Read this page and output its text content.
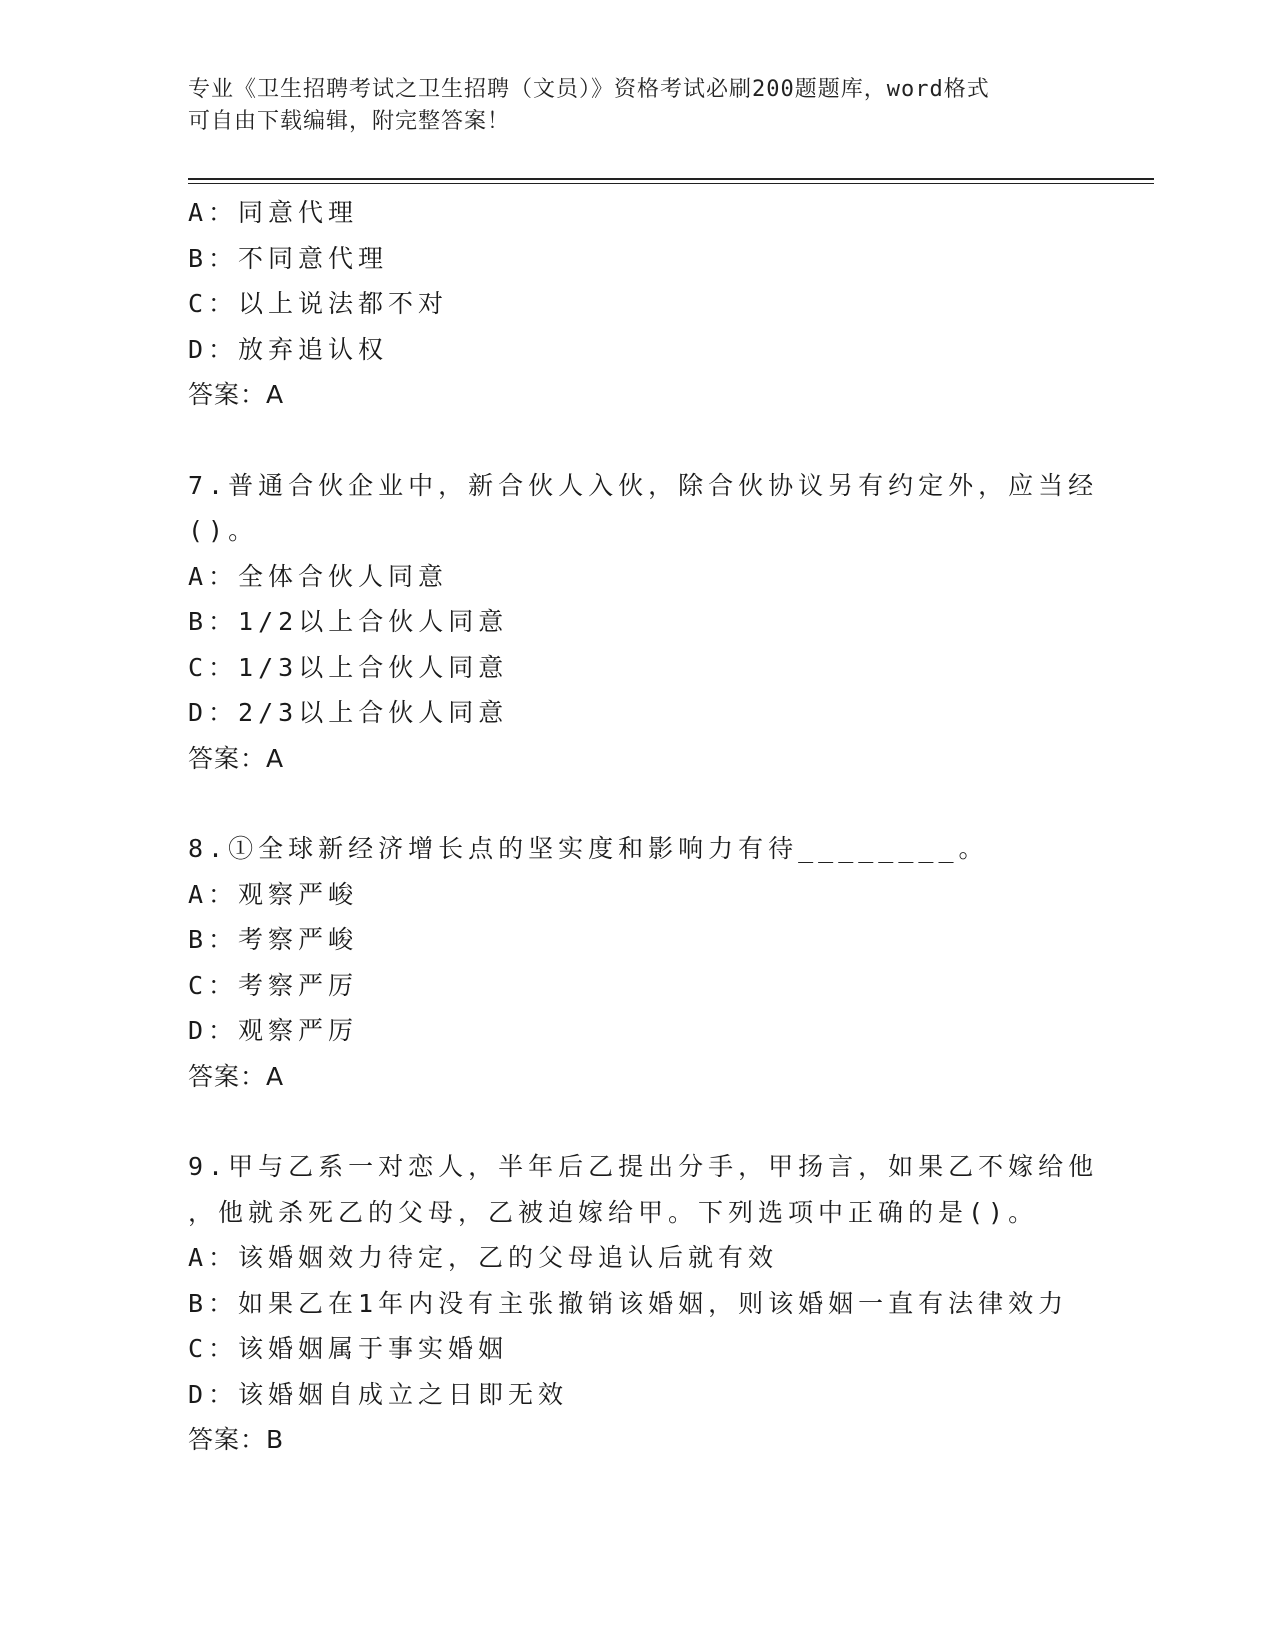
专业《卫生招聘考试之卫生招聘（文员）》资格考试必刷200题题库，word格式
可自由下载编辑，附完整答案！
A：同意代理
B：不同意代理
C：以上说法都不对
D：放弃追认权
答案：A
7.普通合伙企业中，新合伙人入伙，除合伙协议另有约定外，应当经
()。
A：全体合伙人同意
B：1/2以上合伙人同意
C：1/3以上合伙人同意
D：2/3以上合伙人同意
答案：A
8.①全球新经济增长点的坚实度和影响力有待________。
A：观察严峻
B：考察严峻
C：考察严厉
D：观察严厉
答案：A
9.甲与乙系一对恋人，半年后乙提出分手，甲扬言，如果乙不嫁给他
，他就杀死乙的父母，乙被迫嫁给甲。下列选项中正确的是()。
A：该婚姻效力待定，乙的父母追认后就有效
B：如果乙在1年内没有主张撤销该婚姻，则该婚姻一直有法律效力
C：该婚姻属于事实婚姻
D：该婚姻自成立之日即无效
答案：B
